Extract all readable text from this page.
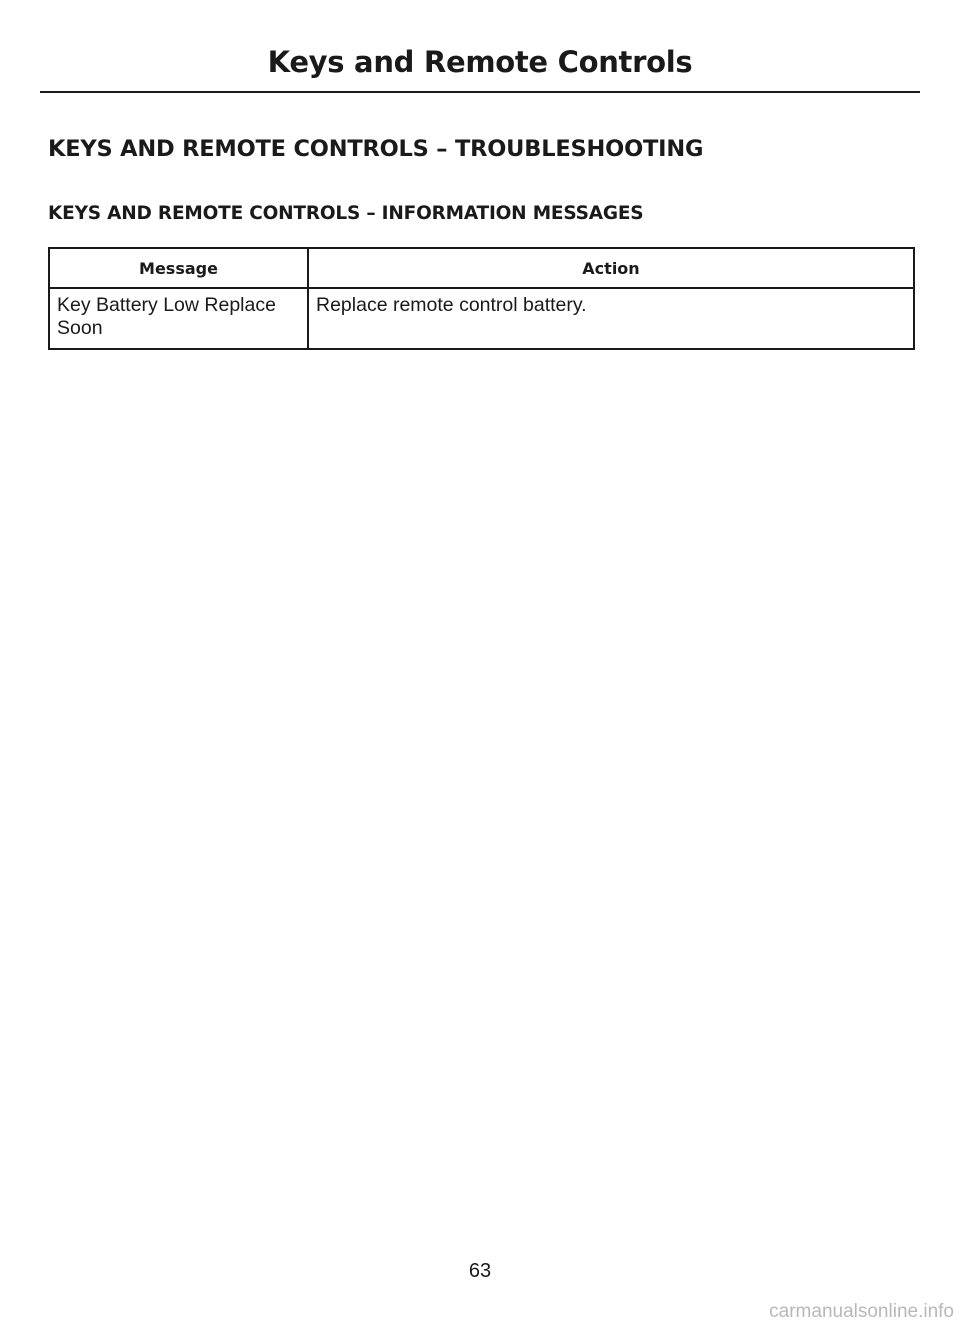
Keys and Remote Controls
KEYS AND REMOTE CONTROLS – TROUBLESHOOTING
KEYS AND REMOTE CONTROLS – INFORMATION MESSAGES
Message	Action
Key Battery Low Replace Soon	Replace remote control battery.
63
carmanualsonline.info
